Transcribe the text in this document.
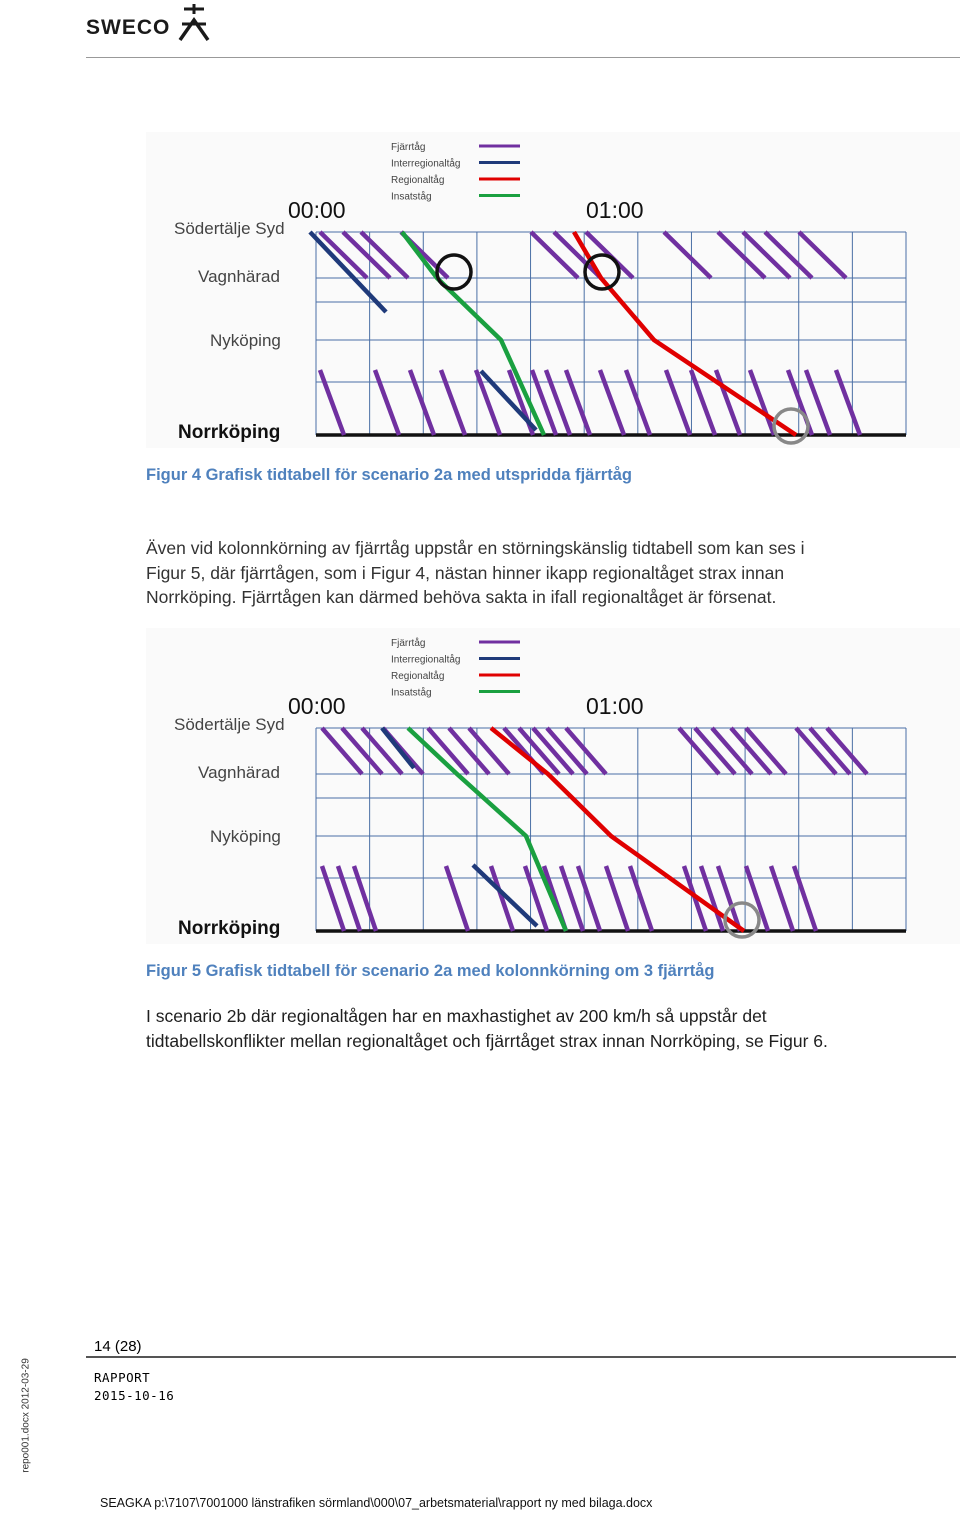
SWECO
Fjärrtåg
Interregionaltåg
Regionaltåg
Insatståg
00:00	01:00
Södertälje Syd
Vagnhärad
Nyköping
Norrköping
Figur 4 Grafisk tidtabell för scenario 2a med utspridda fjärrtåg

Även vid kolonnkörning av fjärrtåg uppstår en störningskänslig tidtabell som kan ses i

Figur 5, där fjärrtågen, som i Figur 4, nästan hinner ikapp regionaltåget strax innan

Norrköping. Fjärrtågen kan därmed behöva sakta in ifall regionaltåget är försenat.

Fjärrtåg
Interregionaltåg
Regionaltåg
Insatståg
00:00	01:00
Södertälje Syd
Vagnhärad
Nyköping
Norrköping
Figur 5 Grafisk tidtabell för scenario 2a med kolonnkörning om 3 fjärrtåg

I scenario 2b där regionaltågen har en maxhastighet av 200 km/h så uppstår det

tidtabellskonflikter mellan regionaltåget och fjärrtåget strax innan Norrköping, se Figur 6.

14 (28)
RAPPORT
2015-10-16
repo001.docx 2012-03-29
SEAGKA p:\7107\7001000 länstrafiken sörmland\000\07_arbetsmaterial\rapport ny med bilaga.docx
